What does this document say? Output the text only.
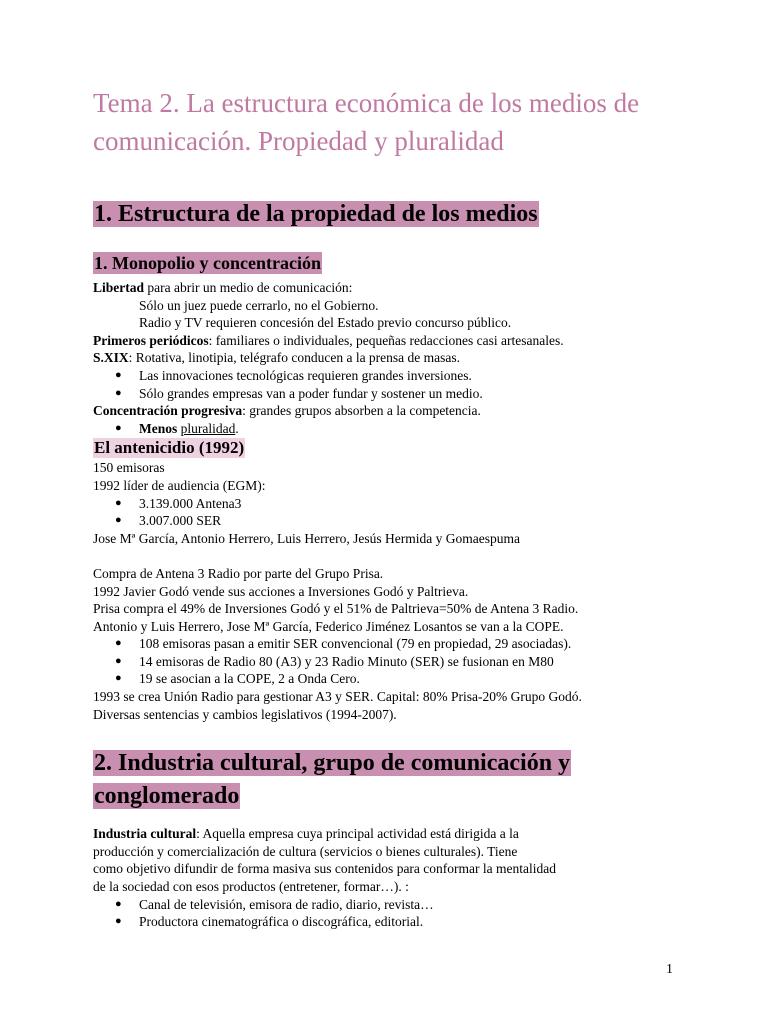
Tema 2. La estructura económica de los medios de comunicación. Propiedad y pluralidad

1. Estructura de la propiedad de los medios

1. Monopolio y concentración

Libertad para abrir un medio de comunicación:

Sólo un juez puede cerrarlo, no el Gobierno.

Radio y TV requieren concesión del Estado previo concurso público.

Primeros periódicos: familiares o individuales, pequeñas redacciones casi artesanales.

S.XIX: Rotativa, linotipia, telégrafo conducen a la prensa de masas.

● Las innovaciones tecnológicas requieren grandes inversiones.
● Sólo grandes empresas van a poder fundar y sostener un medio.

Concentración progresiva: grandes grupos absorben a la competencia.

● Menos pluralidad.
El antenicidio (1992)

150 emisoras

1992 líder de audiencia (EGM):

● 3.139.000 Antena3
● 3.007.000 SER

Jose Mª García, Antonio Herrero, Luis Herrero, Jesús Hermida y Gomaespuma

Compra de Antena 3 Radio por parte del Grupo Prisa.

1992 Javier Godó vende sus acciones a Inversiones Godó y Paltrieva.

Prisa compra el 49% de Inversiones Godó y el 51% de Paltrieva=50% de Antena 3 Radio.

Antonio y Luis Herrero, Jose Mª García, Federico Jiménez Losantos se van a la COPE.

● 108 emisoras pasan a emitir SER convencional (79 en propiedad, 29 asociadas).
● 14 emisoras de Radio 80 (A3) y 23 Radio Minuto (SER) se fusionan en M80
● 19 se asocian a la COPE, 2 a Onda Cero.

1993 se crea Unión Radio para gestionar A3 y SER. Capital: 80% Prisa-20% Grupo Godó.

Diversas sentencias y cambios legislativos (1994-2007).

2. Industria cultural, grupo de comunicación y
conglomerado

Industria cultural: Aquella empresa cuya principal actividad está dirigida a la

producción y comercialización de cultura (servicios o bienes culturales). Tiene

como objetivo difundir de forma masiva sus contenidos para conformar la mentalidad

de la sociedad con esos productos (entretener, formar…). :

● Canal de televisión, emisora de radio, diario, revista…
● Productora cinematográfica o discográfica, editorial.
1
